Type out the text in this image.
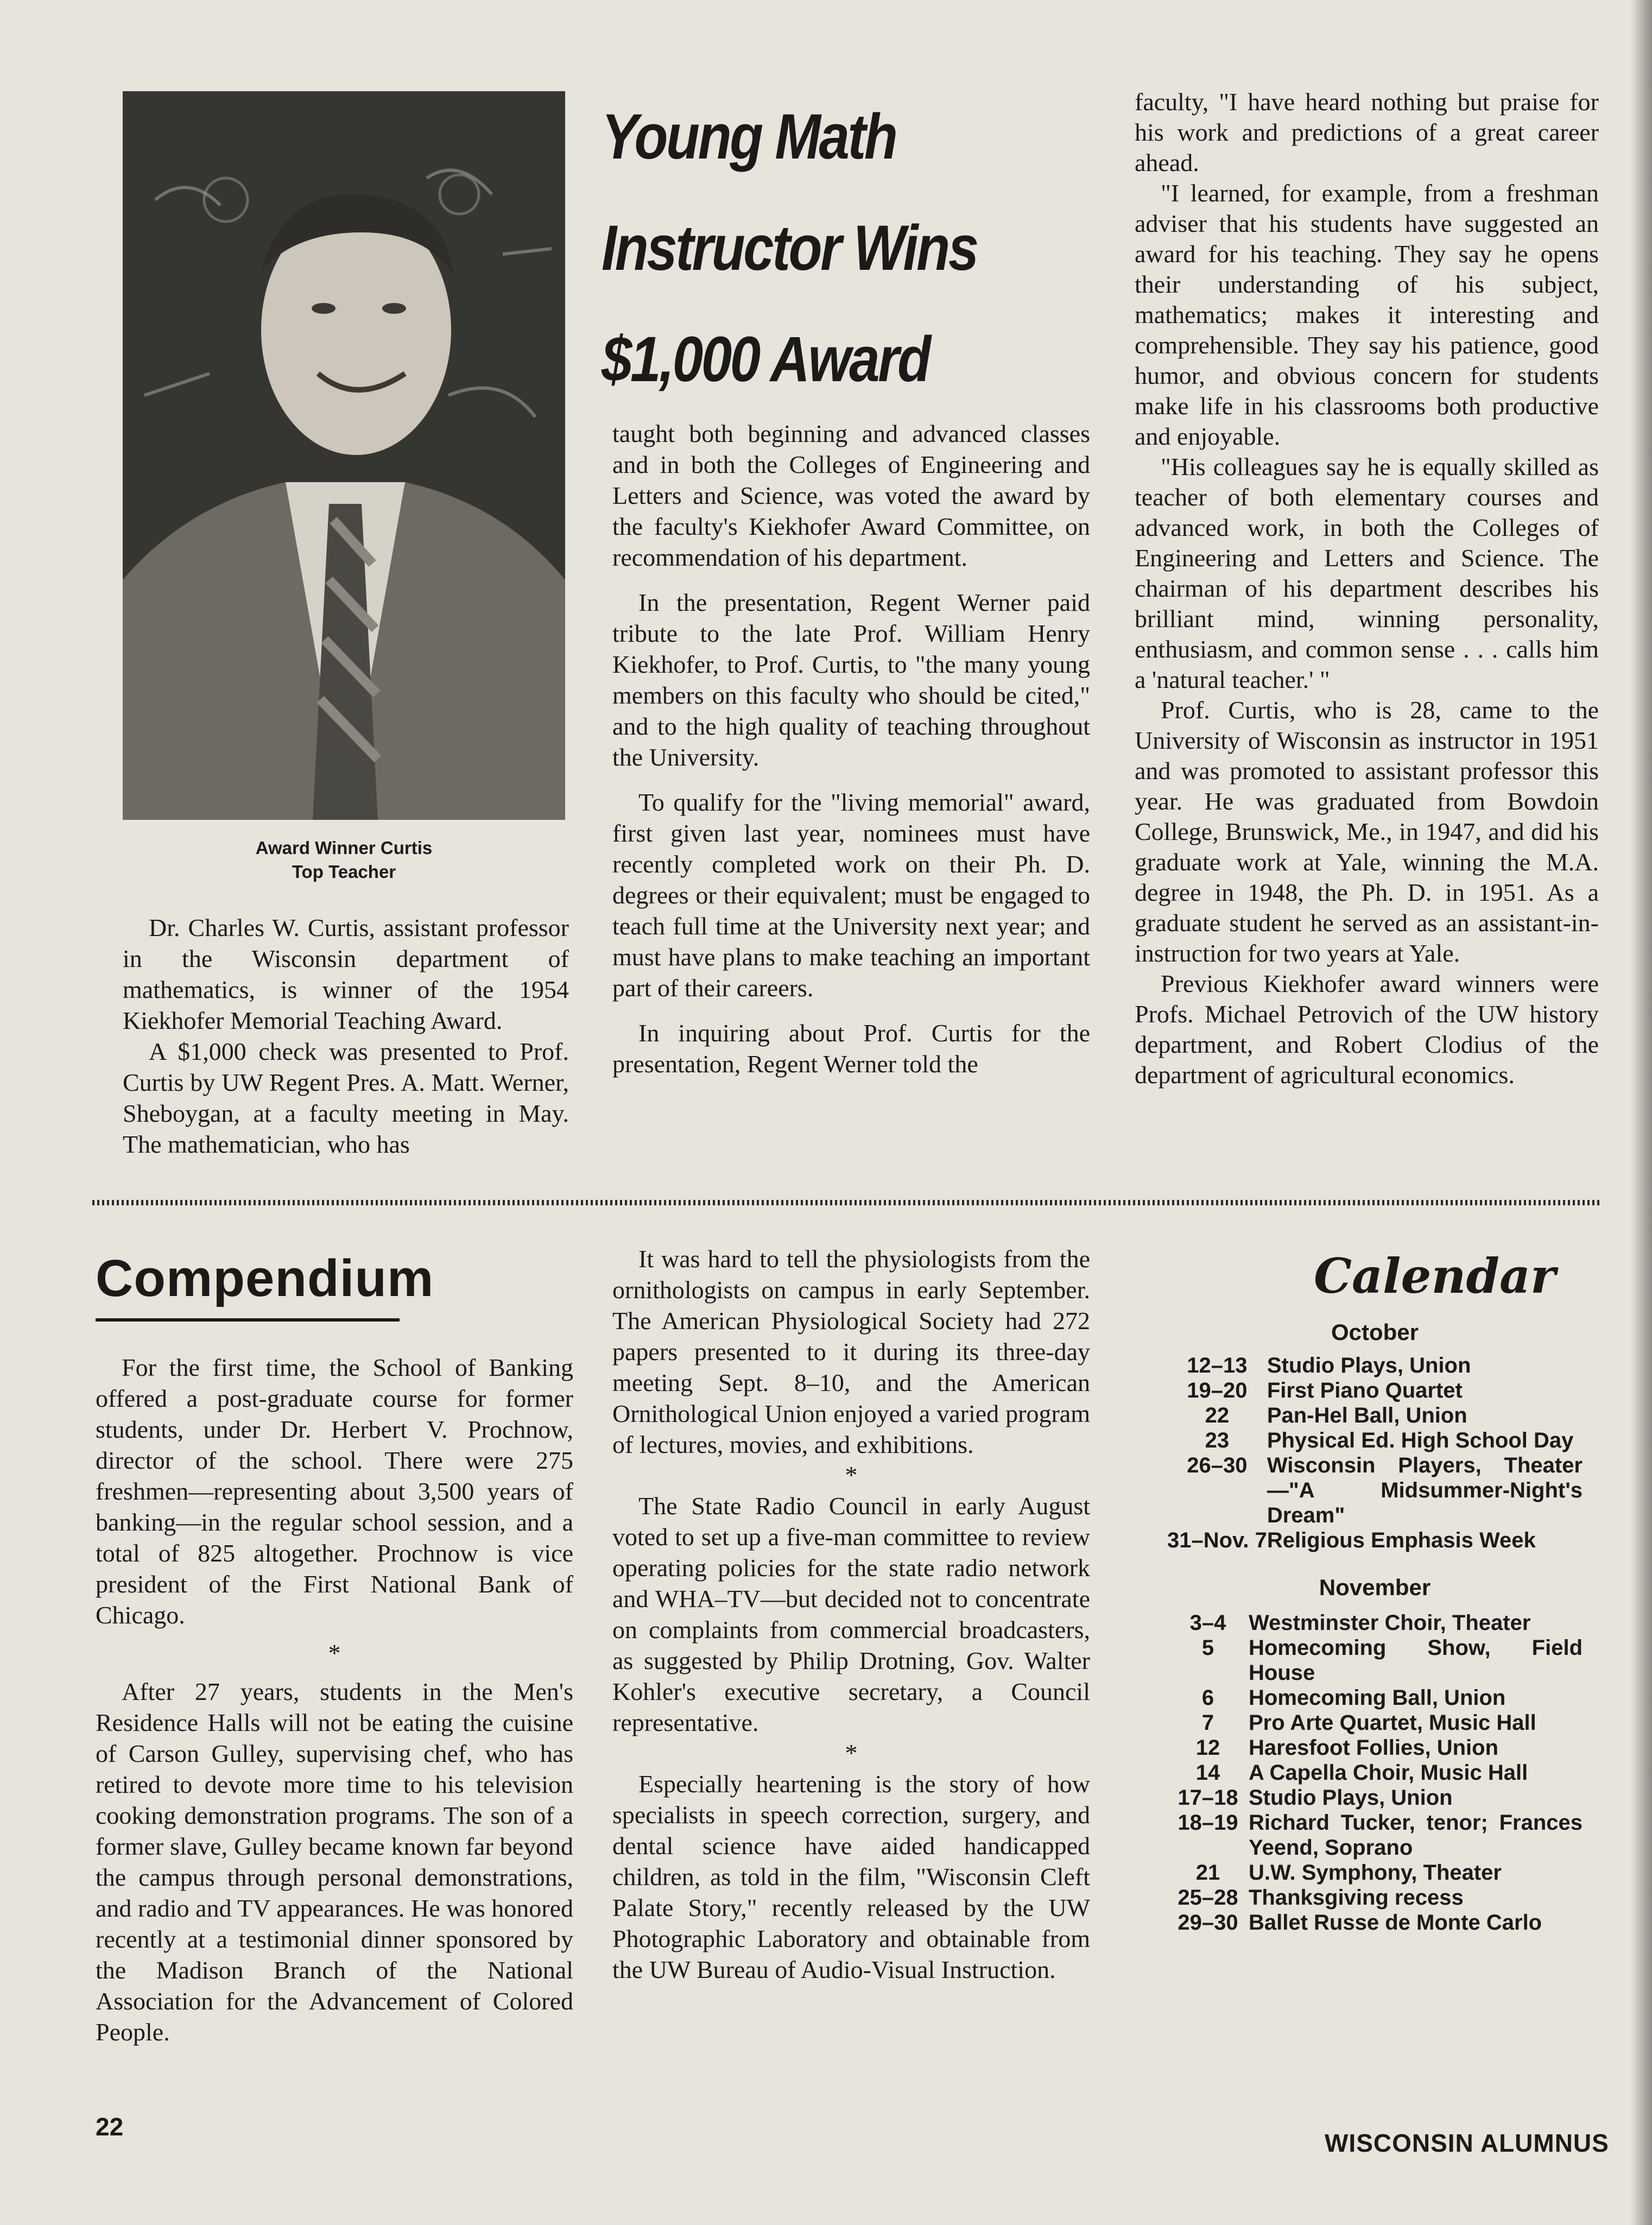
Award Winner Curtis
Top Teacher
Young Math
Instructor Wins
$1,000 Award

Dr. Charles W. Curtis, assistant professor in the Wisconsin department of mathematics, is winner of the 1954 Kiekhofer Memorial Teaching Award.

A $1,000 check was presented to Prof. Curtis by UW Regent Pres. A. Matt. Werner, Sheboygan, at a faculty meeting in May. The mathematician, who has

taught both beginning and advanced classes and in both the Colleges of Engineering and Letters and Science, was voted the award by the faculty's Kiekhofer Award Committee, on recommendation of his department.

In the presentation, Regent Werner paid tribute to the late Prof. William Henry Kiekhofer, to Prof. Curtis, to "the many young members on this faculty who should be cited," and to the high quality of teaching throughout the University.

To qualify for the "living memorial" award, first given last year, nominees must have recently completed work on their Ph. D. degrees or their equivalent; must be engaged to teach full time at the University next year; and must have plans to make teaching an important part of their careers.

In inquiring about Prof. Curtis for the presentation, Regent Werner told the

faculty, "I have heard nothing but praise for his work and predictions of a great career ahead.

"I learned, for example, from a freshman adviser that his students have suggested an award for his teaching. They say he opens their understanding of his subject, mathematics; makes it interesting and comprehensible. They say his patience, good humor, and obvious concern for students make life in his classrooms both productive and enjoyable.

"His colleagues say he is equally skilled as teacher of both elementary courses and advanced work, in both the Colleges of Engineering and Letters and Science. The chairman of his department describes his brilliant mind, winning personality, enthusiasm, and common sense . . . calls him a 'natural teacher.' "

Prof. Curtis, who is 28, came to the University of Wisconsin as instructor in 1951 and was promoted to assistant professor this year. He was graduated from Bowdoin College, Brunswick, Me., in 1947, and did his graduate work at Yale, winning the M.A. degree in 1948, the Ph. D. in 1951. As a graduate student he served as an assistant-in-instruction for two years at Yale.

Previous Kiekhofer award winners were Profs. Michael Petrovich of the UW history department, and Robert Clodius of the department of agricultural economics.

Compendium

For the first time, the School of Banking offered a post-graduate course for former students, under Dr. Herbert V. Prochnow, director of the school. There were 275 freshmen—representing about 3,500 years of banking—in the regular school session, and a total of 825 altogether. Prochnow is vice president of the First National Bank of Chicago.

*

After 27 years, students in the Men's Residence Halls will not be eating the cuisine of Carson Gulley, supervising chef, who has retired to devote more time to his television cooking demonstration programs. The son of a former slave, Gulley became known far beyond the campus through personal demonstrations, and radio and TV appearances. He was honored recently at a testimonial dinner sponsored by the Madison Branch of the National Association for the Advancement of Colored People.

It was hard to tell the physiologists from the ornithologists on campus in early September. The American Physiological Society had 272 papers presented to it during its three-day meeting Sept. 8–10, and the American Ornithological Union enjoyed a varied program of lectures, movies, and exhibitions.

*

The State Radio Council in early August voted to set up a five-man committee to review operating policies for the state radio network and WHA–TV—but decided not to concentrate on complaints from commercial broadcasters, as suggested by Philip Drotning, Gov. Walter Kohler's executive secretary, a Council representative.

*

Especially heartening is the story of how specialists in speech correction, surgery, and dental science have aided handicapped children, as told in the film, "Wisconsin Cleft Palate Story," recently released by the UW Photographic Laboratory and obtainable from the UW Bureau of Audio-Visual Instruction.

Calendar
October
12–13	Studio Plays, Union
19–20	First Piano Quartet
22	Pan-Hel Ball, Union
23	Physical Ed. High School Day
26–30	Wisconsin Players, Theater—"A Midsummer-Night's Dream"
31–Nov. 7	Religious Emphasis Week
November
3–4	Westminster Choir, Theater
5	Homecoming Show, Field House
6	Homecoming Ball, Union
7	Pro Arte Quartet, Music Hall
12	Haresfoot Follies, Union
14	A Capella Choir, Music Hall
17–18	Studio Plays, Union
18–19	Richard Tucker, tenor; Frances Yeend, Soprano
21	U.W. Symphony, Theater
25–28	Thanksgiving recess
29–30	Ballet Russe de Monte Carlo
22
WISCONSIN ALUMNUS
